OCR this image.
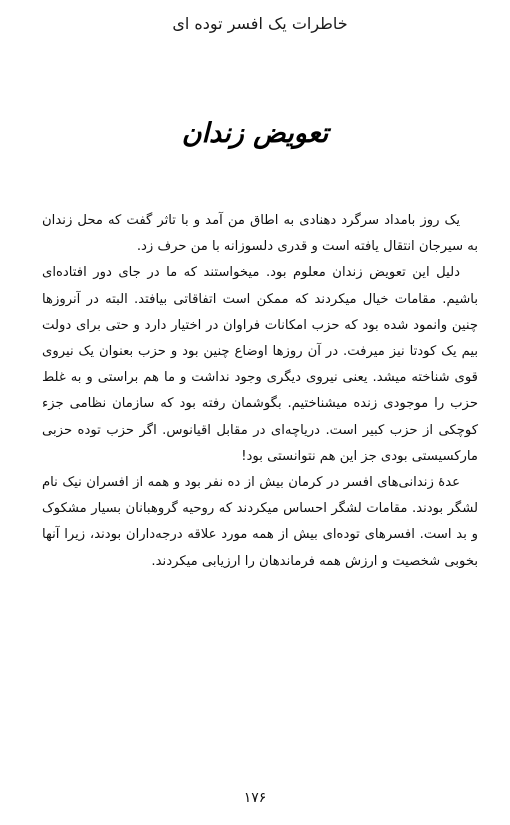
خاطرات یک افسر توده ای
تعویض زندان

یک روز بامداد سرگرد دهنادی به اطاق من آمد و با تاثر گفت که محل زندان به سیرجان انتقال یافته است و قدری دلسوزانه با من حرف زد.

دلیل این تعویض زندان معلوم بود. میخواستند که ما در جای دور افتاده‌ای باشیم. مقامات خیال میکردند که ممکن است اتفاقاتی بیافتد. البته در آنروزها چنین وانمود شده بود که حزب امکانات فراوان در اختیار دارد و حتی برای دولت بیم یک کودتا نیز میرفت. در آن روزها اوضاع چنین بود و حزب بعنوان یک نیروی قوی شناخته میشد. یعنی نیروی دیگری وجود نداشت و ما هم براستی و به غلط حزب را موجودی زنده میشناختیم. بگوشمان رفته بود که سازمان نظامی جزء کوچکی از حزب کبیر است. دریاچه‌ای در مقابل اقیانوس. اگر حزب توده حزبی مارکسیستی بودی جز این هم نتوانستی بود!

عدهٔ زندانی‌های افسر در کرمان بیش از ده نفر بود و همه از افسران نیک نام لشگر بودند. مقامات لشگر احساس میکردند که روحیه گروهبانان بسیار مشکوک و بد است. افسرهای توده‌ای بیش از همه مورد علاقه درجه‌داران بودند، زیرا آنها بخوبی شخصیت و ارزش همه فرماندهان را ارزیابی میکردند.

۱۷۶
